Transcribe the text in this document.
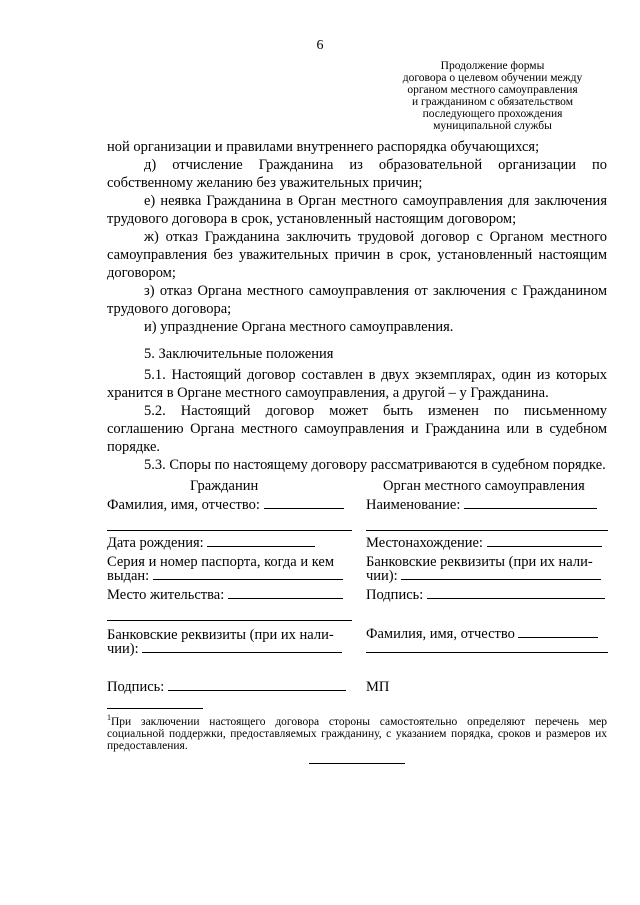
6
Продолжение формы
договора о целевом обучении между
органом местного самоуправления
и гражданином с обязательством
последующего прохождения
муниципальной службы

ной организации и правилами внутреннего распорядка обучающихся;

д) отчисление Гражданина из образовательной организации по собственному желанию без уважительных причин;

е) неявка Гражданина в Орган местного самоуправления для заключения трудового договора в срок, установленный настоящим договором;

ж) отказ Гражданина заключить трудовой договор с Органом местного самоуправления без уважительных причин в срок, установленный настоящим договором;

з) отказ Органа местного самоуправления от заключения с Гражданином трудового договора;

и) упразднение Органа местного самоуправления.

5. Заключительные положения

5.1. Настоящий договор составлен в двух экземплярах, один из которых хранится в Органе местного самоуправления, а другой – у Гражданина.

5.2. Настоящий договор может быть изменен по письменному соглашению Органа местного самоуправления и Гражданина или в судебном порядке.

5.3. Споры по настоящему договору рассматриваются в судебном порядке.

Гражданин
Фамилия, имя, отчество:
Дата рождения:
Серия и номер паспорта, когда и кем
выдан:
Место жительства:
Банковские реквизиты (при их нали-
чии):
Подпись:
Орган местного самоуправления
Наименование:
Местонахождение:
Банковские реквизиты (при их нали-
чии):
Подпись:
Фамилия, имя, отчество
МП
$^1$При заключении настоящего договора стороны самостоятельно определяют перечень мер социальной поддержки, предоставляемых гражданину, с указанием порядка, сроков и размеров их предоставления.
